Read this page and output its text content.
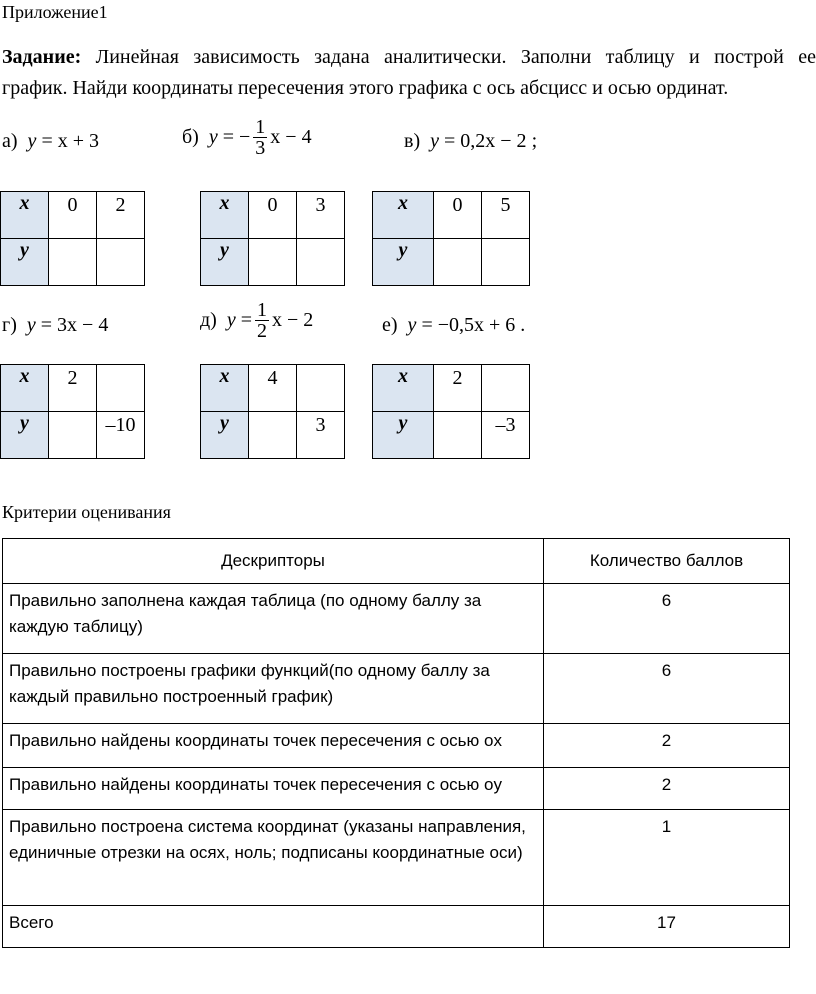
Приложение1
Задание: Линейная зависимость задана аналитически. Заполни таблицу и построй ее
график. Найди координаты пересечения этого графика с ось абсцисс и осью ординат.
а)
y
= x + 3	б)
y
= − $\frac{1}{3}$ x − 4	в)
y
= 0,2x − 2
;
x	0	2
y		
x	0	3
y		
x	0	5
y		
г)
y
= 3x − 4	д)
y
= $\frac{1}{2}$ x − 2	е)
y
= −0,5x + 6
.
x	2	
y		–10
x	4	
y		3
x	2	
y		–3
Критерии оценивания
Дескрипторы	Количество баллов
Правильно заполнена каждая таблица (по одному баллу за каждую таблицу)	6
Правильно построены графики функций(по одному баллу за каждый правильно построенный график)	6
Правильно найдены координаты точек пересечения с осью оx	2
Правильно найдены координаты точек пересечения с осью оy	2
Правильно построена система координат (указаны направления, единичные отрезки на осях, ноль; подписаны координатные оси)	1
Всего	17
